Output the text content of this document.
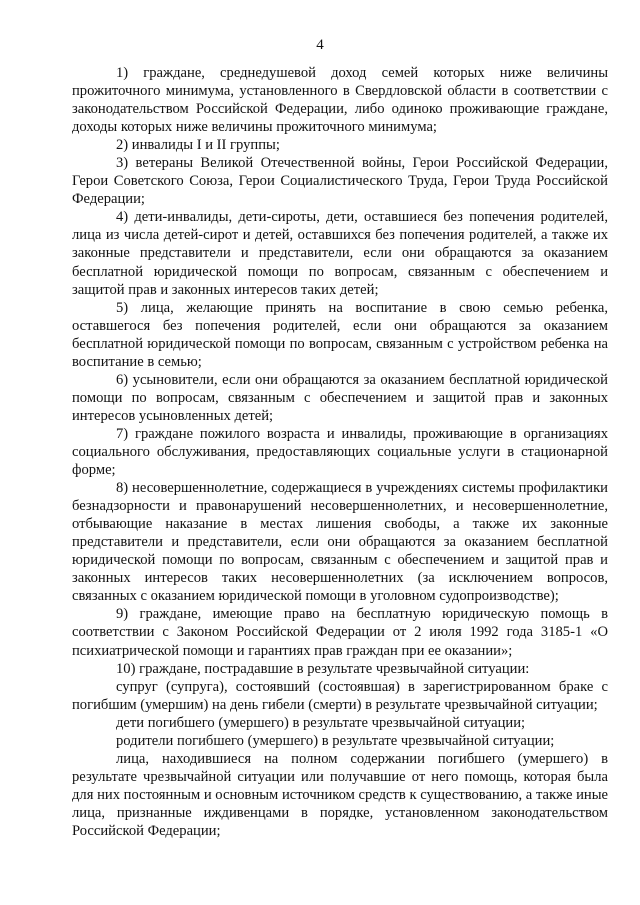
4

1) граждане, среднедушевой доход семей которых ниже величины прожиточного минимума, установленного в Свердловской области в соответствии с законодательством Российской Федерации, либо одиноко проживающие граждане, доходы которых ниже величины прожиточного минимума;

2) инвалиды I и II группы;

3) ветераны Великой Отечественной войны, Герои Российской Федерации, Герои Советского Союза, Герои Социалистического Труда, Герои Труда Российской Федерации;

4) дети-инвалиды, дети-сироты, дети, оставшиеся без попечения родителей, лица из числа детей-сирот и детей, оставшихся без попечения родителей, а также их законные представители и представители, если они обращаются за оказанием бесплатной юридической помощи по вопросам, связанным с обеспечением и защитой прав и законных интересов таких детей;

5) лица, желающие принять на воспитание в свою семью ребенка, оставшегося без попечения родителей, если они обращаются за оказанием бесплатной юридической помощи по вопросам, связанным с устройством ребенка на воспитание в семью;

6) усыновители, если они обращаются за оказанием бесплатной юридической помощи по вопросам, связанным с обеспечением и защитой прав и законных интересов усыновленных детей;

7) граждане пожилого возраста и инвалиды, проживающие в организациях социального обслуживания, предоставляющих социальные услуги в стационарной форме;

8) несовершеннолетние, содержащиеся в учреждениях системы профилактики безнадзорности и правонарушений несовершеннолетних, и несовершеннолетние, отбывающие наказание в местах лишения свободы, а также их законные представители и представители, если они обращаются за оказанием бесплатной юридической помощи по вопросам, связанным с обеспечением и защитой прав и законных интересов таких несовершеннолетних (за исключением вопросов, связанных с оказанием юридической помощи в уголовном судопроизводстве);

9) граждане, имеющие право на бесплатную юридическую помощь в соответствии с Законом Российской Федерации от 2 июля 1992 года 3185-1 «О психиатрической помощи и гарантиях прав граждан при ее оказании»;

10) граждане, пострадавшие в результате чрезвычайной ситуации:

супруг (супруга), состоявший (состоявшая) в зарегистрированном браке с погибшим (умершим) на день гибели (смерти) в результате чрезвычайной ситуации;

дети погибшего (умершего) в результате чрезвычайной ситуации;

родители погибшего (умершего) в результате чрезвычайной ситуации;

лица, находившиеся на полном содержании погибшего (умершего) в результате чрезвычайной ситуации или получавшие от него помощь, которая была для них постоянным и основным источником средств к существованию, а также иные лица, признанные иждивенцами в порядке, установленном законодательством Российской Федерации;
